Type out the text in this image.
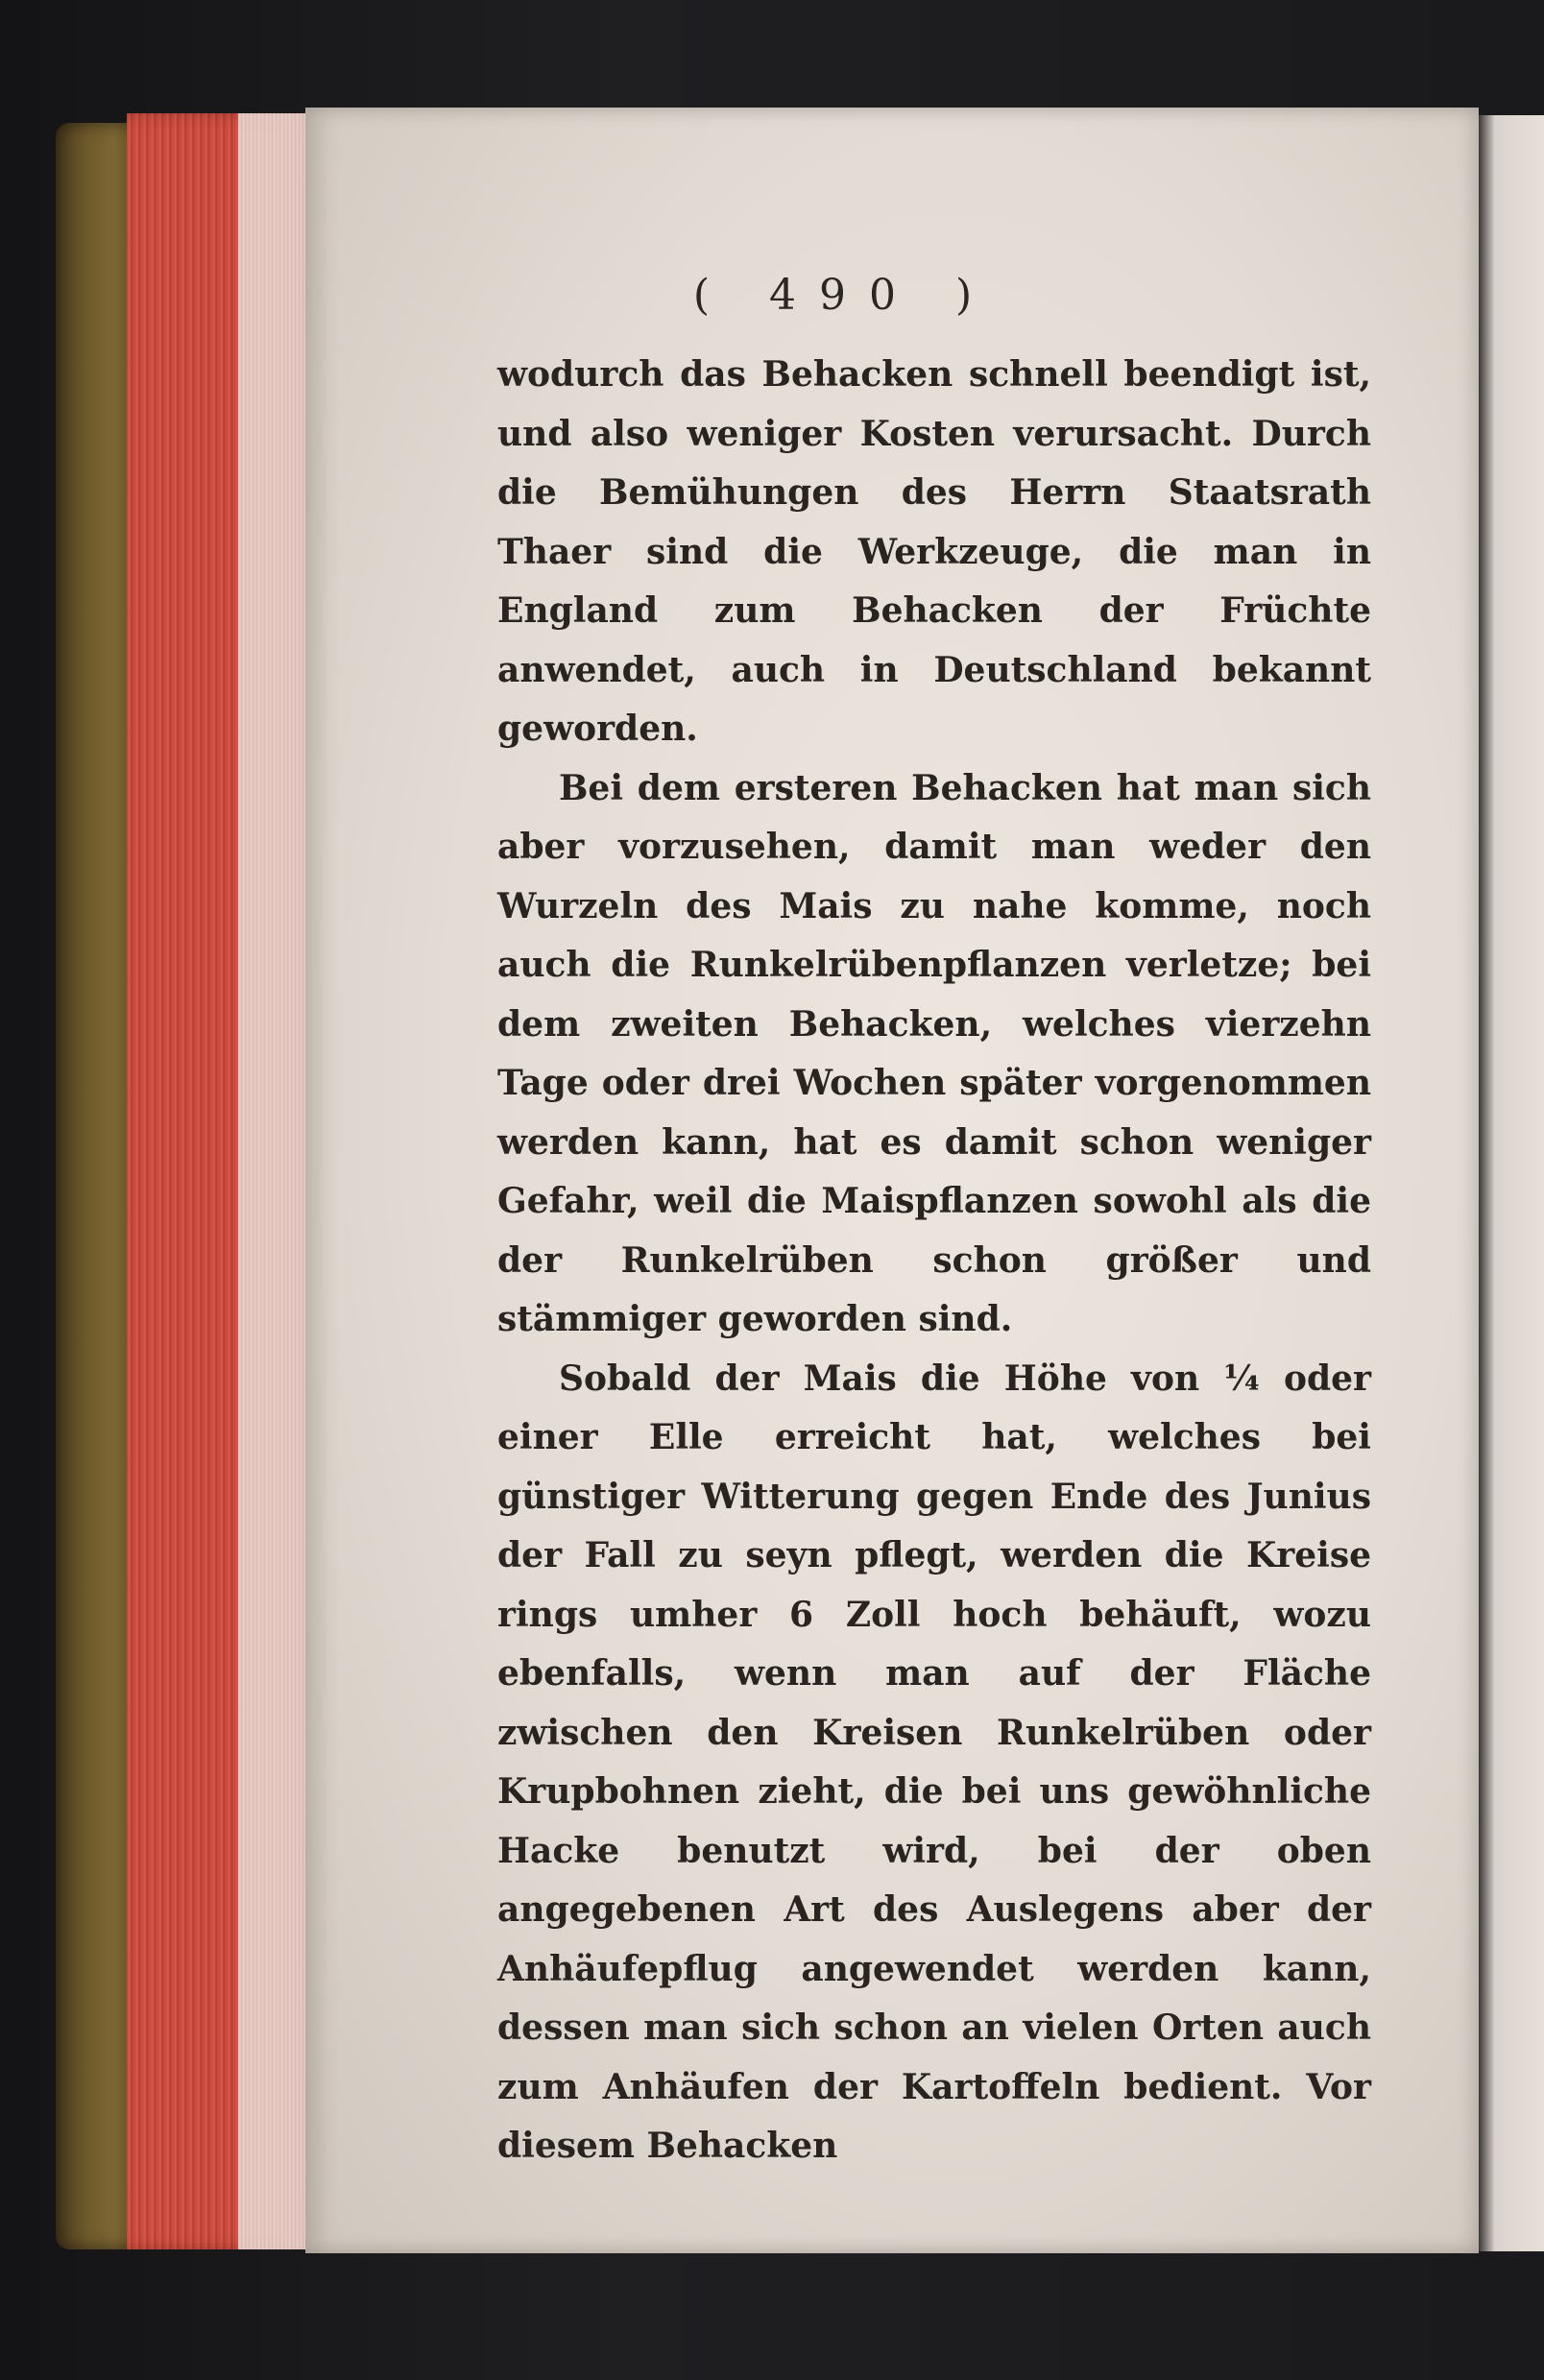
( 490 )

wodurch das Behacken schnell beendigt ist, und also weniger Kosten verursacht. Durch die Bemühungen des Herrn Staatsrath Thaer sind die Werkzeuge, die man in England zum Behacken der Früchte anwendet, auch in Deutschland bekannt geworden.

Bei dem ersteren Behacken hat man sich aber vorzusehen, damit man weder den Wurzeln des Mais zu nahe komme, noch auch die Runkelrübenpflanzen verletze; bei dem zweiten Behacken, welches vierzehn Tage oder drei Wochen später vorgenommen werden kann, hat es damit schon weniger Gefahr, weil die Maispflanzen sowohl als die der Runkelrüben schon größer und stämmiger geworden sind.

Sobald der Mais die Höhe von ¼ oder einer Elle erreicht hat, welches bei günstiger Witterung gegen Ende des Junius der Fall zu seyn pflegt, werden die Kreise rings umher 6 Zoll hoch behäuft, wozu ebenfalls, wenn man auf der Fläche zwischen den Kreisen Runkelrüben oder Krupbohnen zieht, die bei uns gewöhnliche Hacke benutzt wird, bei der oben angegebenen Art des Auslegens aber der Anhäufepflug angewendet werden kann, dessen man sich schon an vielen Orten auch zum Anhäufen der Kartoffeln bedient. Vor diesem Behacken
